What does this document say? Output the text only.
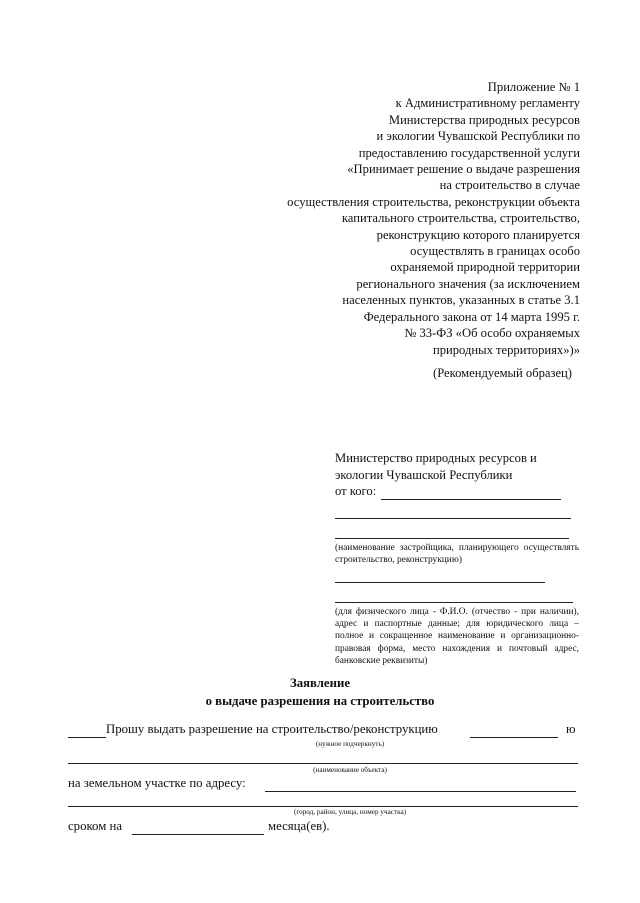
Приложение № 1
к Административному регламенту
Министерства природных ресурсов
и экологии Чувашской Республики по
предоставлению государственной услуги
«Принимает решение о выдаче разрешения
на строительство в случае
осуществления строительства, реконструкции объекта
капитального строительства, строительство,
реконструкцию которого планируется
осуществлять в границах особо
охраняемой природной территории
регионального значения (за исключением
населенных пунктов, указанных в статье 3.1
Федерального закона от 14 марта 1995 г.
№ 33-ФЗ «Об особо охраняемых
природных территориях»)»
(Рекомендуемый образец)
Министерство природных ресурсов и
экологии Чувашской Республики
от кого:
(наименование застройщика, планирующего осуществлять строительство, реконструкцию)
(для физического лица - Ф.И.О. (отчество - при наличии), адрес и паспортные данные; для юридического лица – полное и сокращенное наименование и организационно-правовая форма, место нахождения и почтовый адрес, банковские реквизиты)
Заявление
о выдаче разрешения на строительство
Прошу выдать разрешение на строительство/реконструкцию	ю
(нужное подчеркнуть)
(наименование объекта)
на земельном участке по адресу:
(город, район, улица, номер участка)
сроком на	месяца(ев).
